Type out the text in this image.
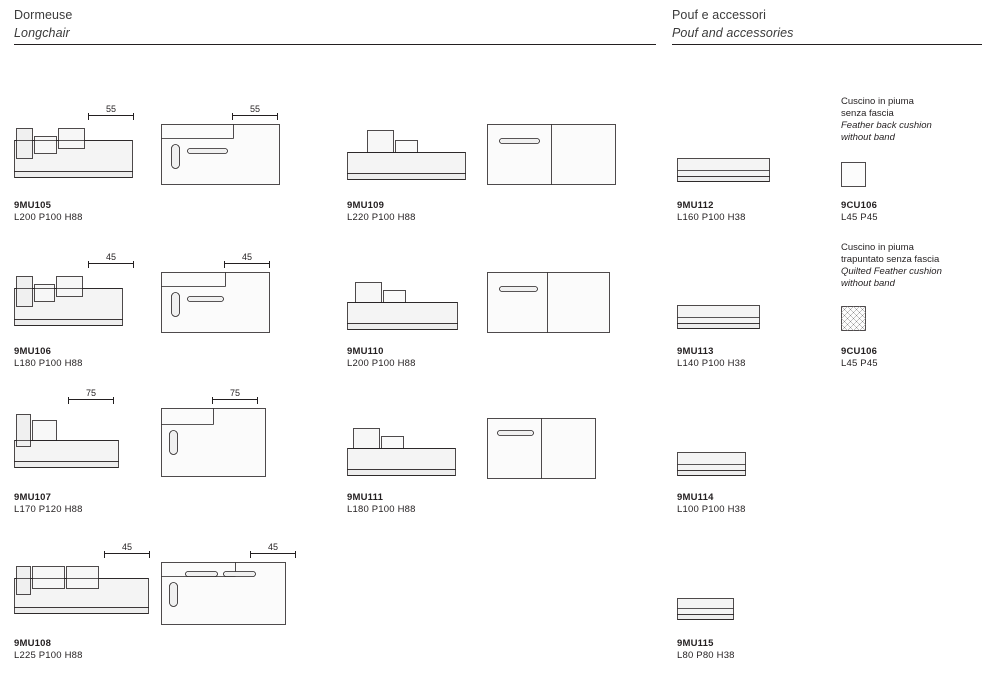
Dormeuse
Longchair
Pouf e accessori
Pouf and accessories
55	55
9MU105
L200 P100 H88
9MU109
L220 P100 H88
9MU112
L160 P100 H38
Cuscino in piuma
senza fascia
Feather back cushion
without band
9CU106
L45 P45
45	45
9MU106
L180 P100 H88
9MU110
L200 P100 H88
9MU113
L140 P100 H38
Cuscino in piuma
trapuntato senza fascia
Quilted Feather cushion
without band
9CU106
L45 P45
75	75
9MU107
L170 P120 H88
9MU111
L180 P100 H88
9MU114
L100 P100 H38
45	45
9MU108
L225 P100 H88
9MU115
L80 P80 H38
